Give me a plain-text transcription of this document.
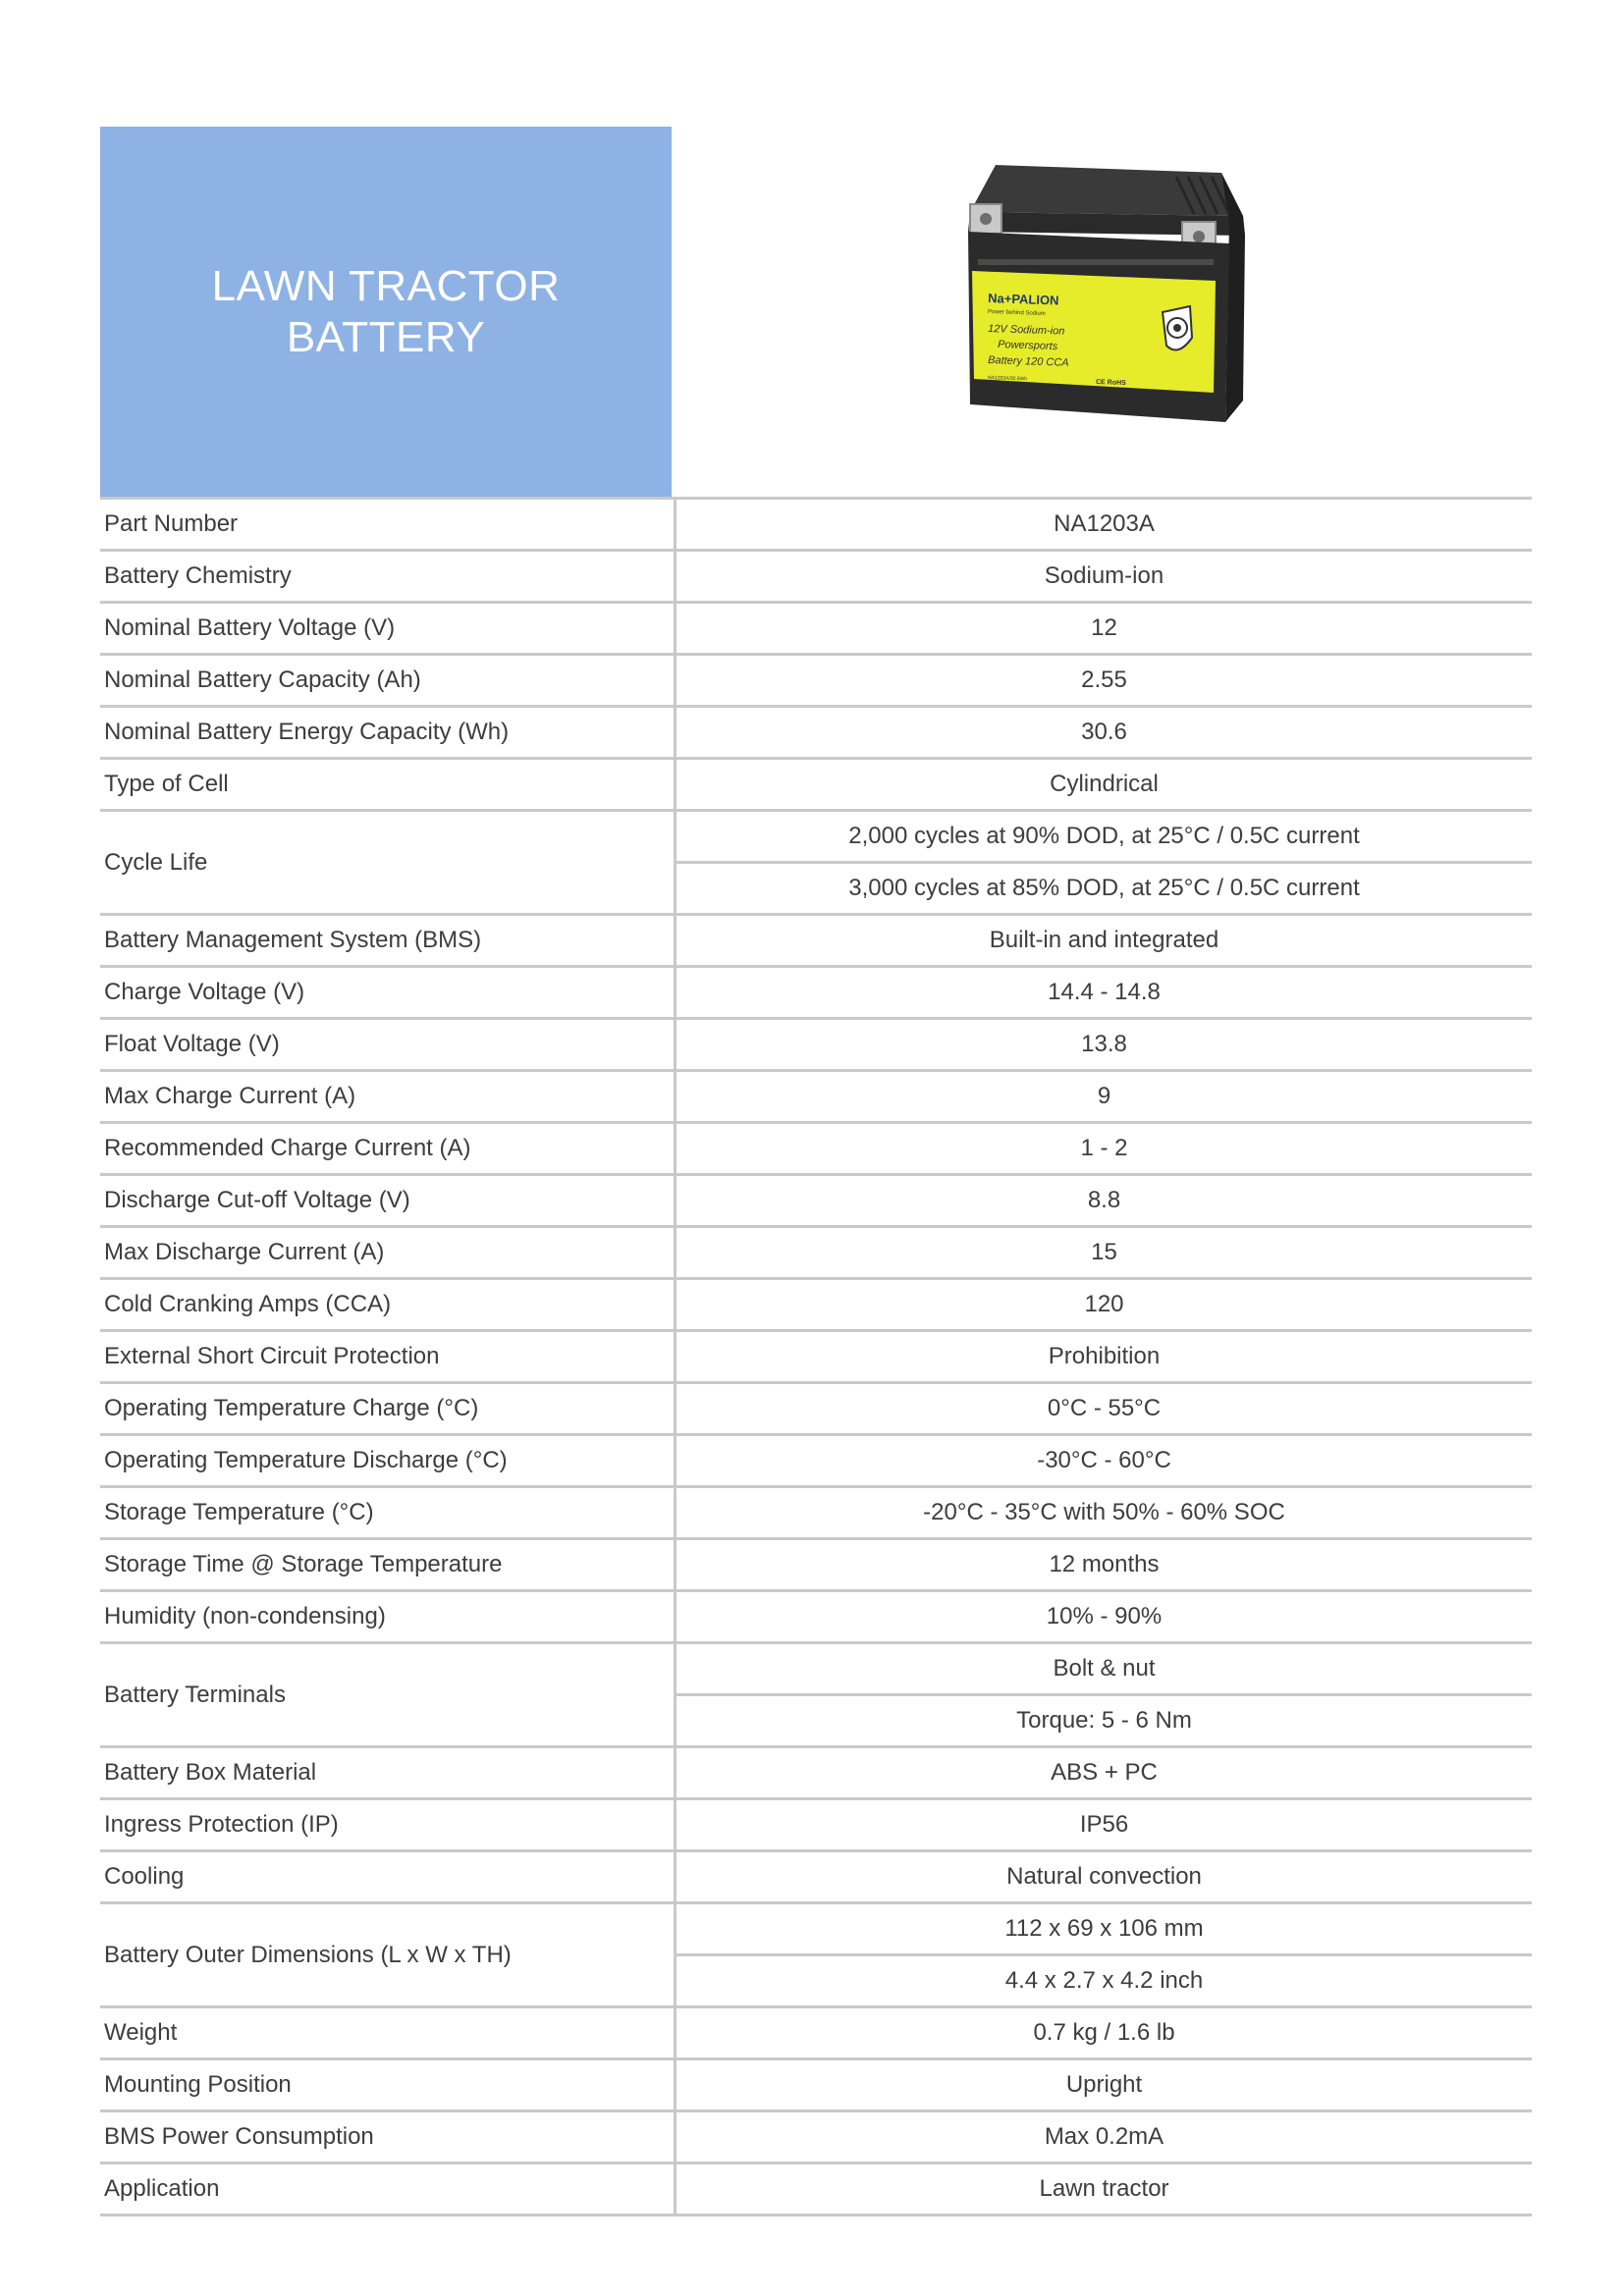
LAWN TRACTOR
BATTERY
Na+PALION
Power behind Sodium
12V Sodium-ion
Powersports
Battery 120 CCA
NA1203A/30.6Wh
CE RoHS
Part Number	NA1203A
Battery Chemistry	Sodium-ion
Nominal Battery Voltage (V)	12
Nominal Battery Capacity (Ah)	2.55
Nominal Battery Energy Capacity (Wh)	30.6
Type of Cell	Cylindrical
Cycle Life	2,000 cycles at 90% DOD, at 25°C / 0.5C current
	3,000 cycles at 85% DOD, at 25°C / 0.5C current
Battery Management System (BMS)	Built-in and integrated
Charge Voltage (V)	14.4 - 14.8
Float Voltage (V)	13.8
Max Charge Current (A)	9
Recommended Charge Current (A)	1 - 2
Discharge Cut-off Voltage (V)	8.8
Max Discharge Current (A)	15
Cold Cranking Amps (CCA)	120
External Short Circuit Protection	Prohibition
Operating Temperature Charge (°C)	0°C - 55°C
Operating Temperature Discharge (°C)	-30°C - 60°C
Storage Temperature (°C)	-20°C - 35°C with 50% - 60% SOC
Storage Time @ Storage Temperature	12 months
Humidity (non-condensing)	10% - 90%
Battery Terminals	Bolt & nut
	Torque: 5 - 6 Nm
Battery Box Material	ABS + PC
Ingress Protection (IP)	IP56
Cooling	Natural convection
Battery Outer Dimensions (L x W x TH)	112 x 69 x 106 mm
	4.4 x 2.7 x 4.2 inch
Weight	0.7 kg / 1.6 lb
Mounting Position	Upright
BMS Power Consumption	Max 0.2mA
Application	Lawn tractor
